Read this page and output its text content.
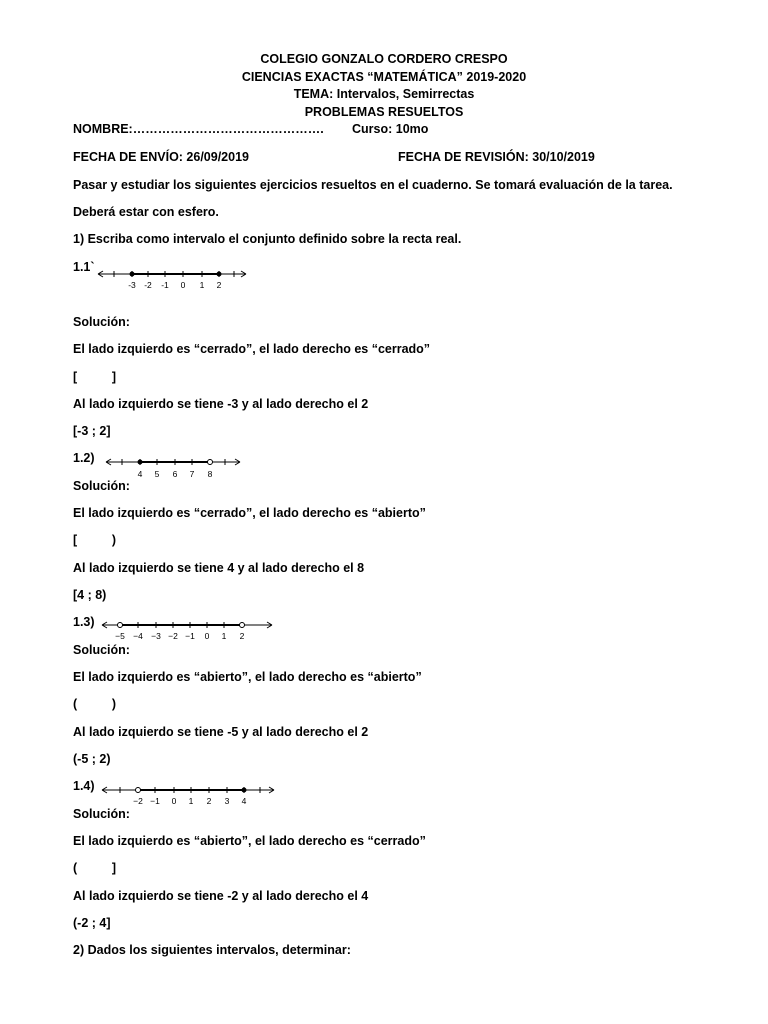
COLEGIO GONZALO CORDERO CRESPO
CIENCIAS EXACTAS “MATEMÁTICA” 2019-2020
TEMA: Intervalos, Semirrectas
PROBLEMAS RESUELTOS
NOMBRE:………………………………………. Curso: 10mo
FECHA DE ENVÍO: 26/09/2019	FECHA DE REVISIÓN: 30/10/2019
Pasar y estudiar los siguientes ejercicios resueltos en el cuaderno. Se tomará evaluación de la tarea.
Deberá estar con esfero.
1) Escriba como intervalo el conjunto definido sobre la recta real.
1.1`
-3 -2 -1 0 1 2
Solución:
El lado izquierdo es “cerrado”, el lado derecho es “cerrado”
[          ]
Al lado izquierdo se tiene -3 y al lado derecho el 2
[-3 ; 2]
1.2)
4 5 6 7 8
Solución:
El lado izquierdo es “cerrado”, el lado derecho es “abierto”
[          )
Al lado izquierdo se tiene 4 y al lado derecho el 8
[4 ; 8)
1.3)
−5 −4 −3 −2 −1 0 1 2
Solución:
El lado izquierdo es “abierto”, el lado derecho es “abierto”
(          )
Al lado izquierdo se tiene -5 y al lado derecho el 2
(-5 ; 2)
1.4)
−2 −1 0 1 2 3 4
Solución:
El lado izquierdo es “abierto”, el lado derecho es “cerrado”
(          ]
Al lado izquierdo se tiene -2 y al lado derecho el 4
(-2 ; 4]
2) Dados los siguientes intervalos, determinar:
